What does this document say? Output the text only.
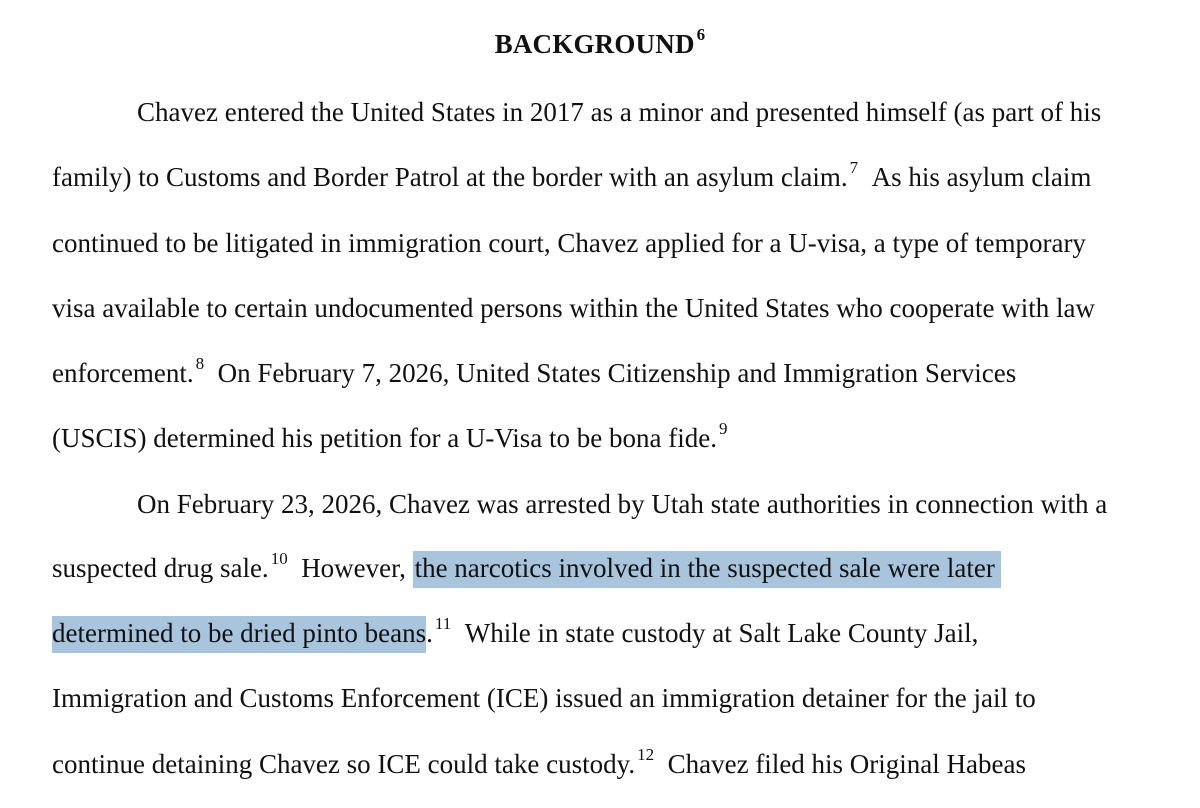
BACKGROUND $^6$
Chavez entered the United States in 2017 as a minor and presented himself (as part of his
family) to Customs and Border Patrol at the border with an asylum claim. $^7$ As his asylum claim
continued to be litigated in immigration court, Chavez applied for a U-visa, a type of temporary
visa available to certain undocumented persons within the United States who cooperate with law
enforcement. $^8$ On February 7, 2026, United States Citizenship and Immigration Services
(USCIS) determined his petition for a U-Visa to be bona fide. $^9$
On February 23, 2026, Chavez was arrested by Utah state authorities in connection with a
suspected drug sale. $^{10}$ However, the narcotics involved in the suspected sale were later
determined to be dried pinto beans. $^{11}$ While in state custody at Salt Lake County Jail,
Immigration and Customs Enforcement (ICE) issued an immigration detainer for the jail to
continue detaining Chavez so ICE could take custody. $^{12}$ Chavez filed his Original Habeas
